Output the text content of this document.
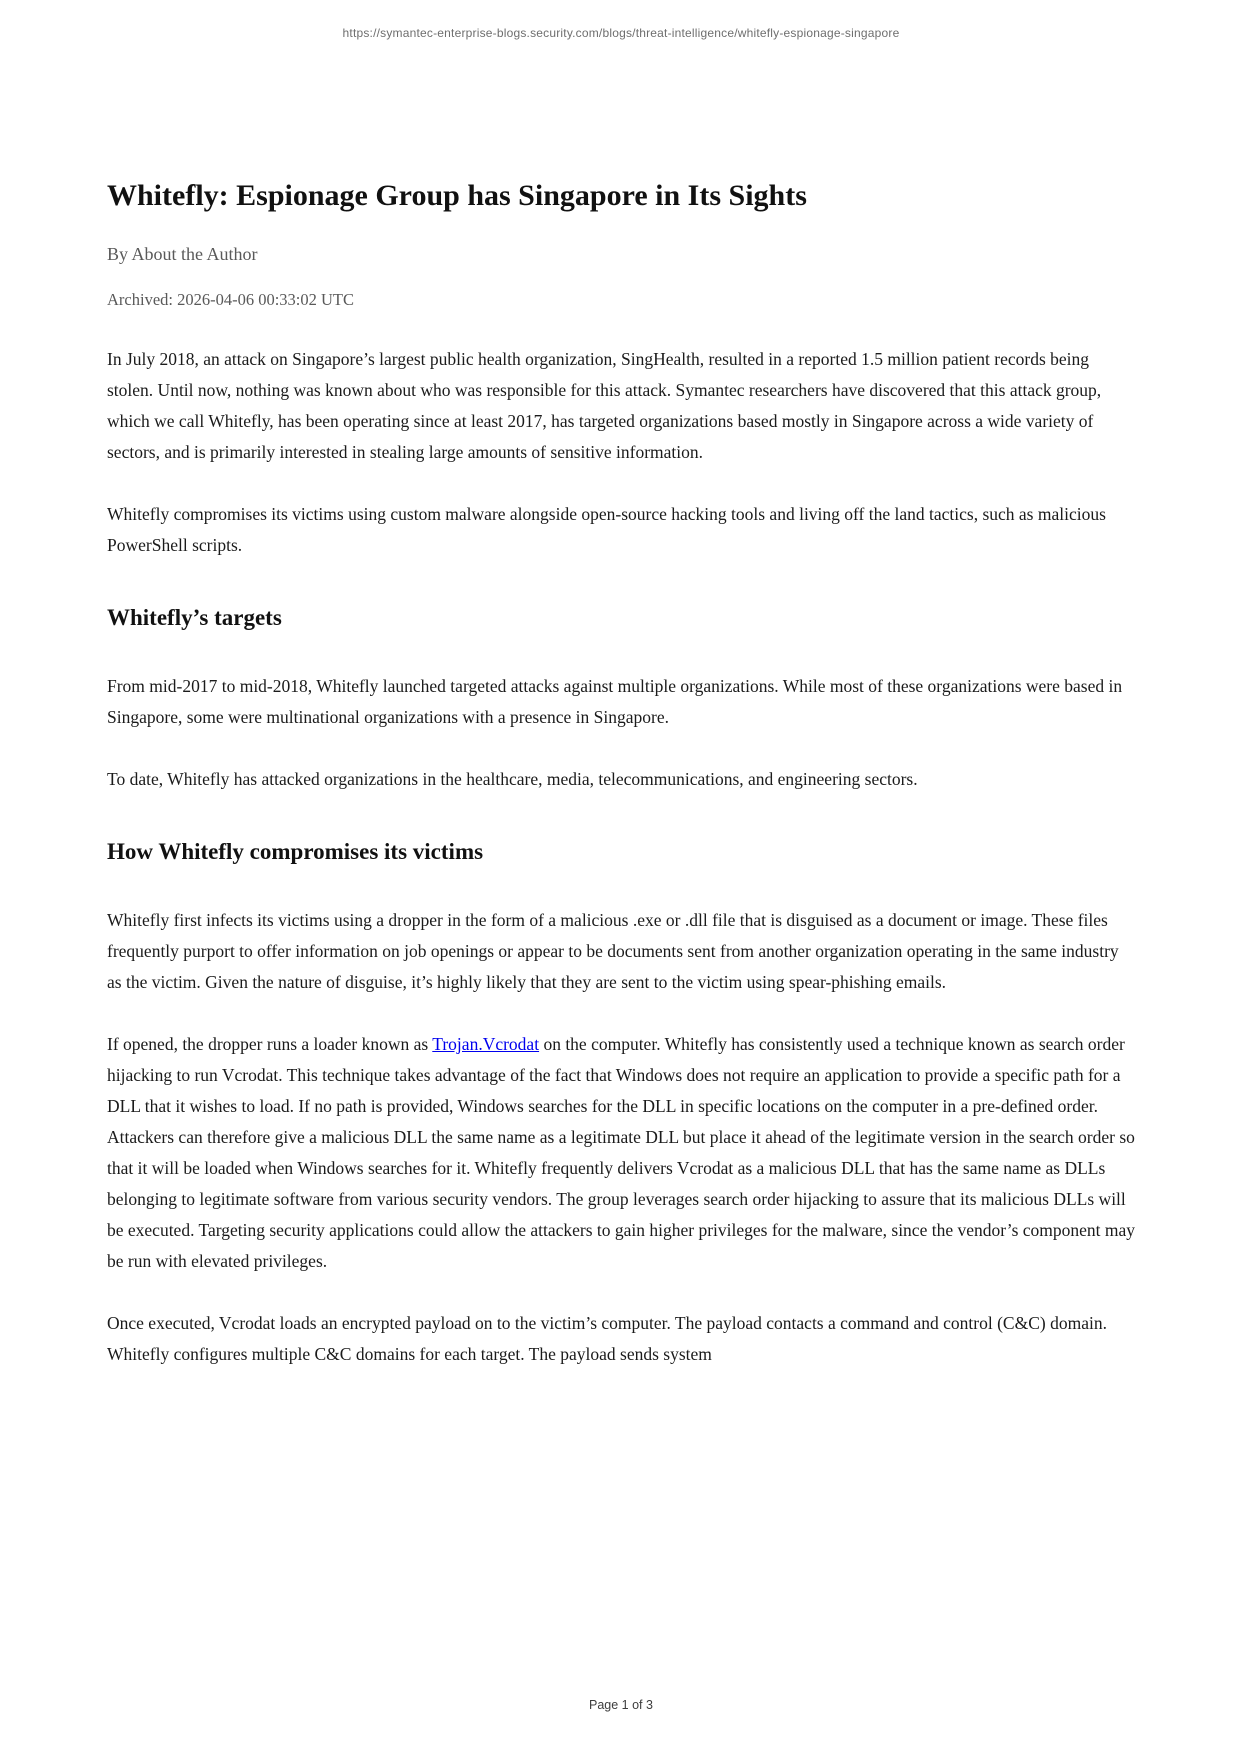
https://symantec-enterprise-blogs.security.com/blogs/threat-intelligence/whitefly-espionage-singapore
Whitefly: Espionage Group has Singapore in Its Sights

By About the Author

Archived: 2026-04-06 00:33:02 UTC

In July 2018, an attack on Singapore’s largest public health organization, SingHealth, resulted in a reported 1.5 million patient records being stolen. Until now, nothing was known about who was responsible for this attack. Symantec researchers have discovered that this attack group, which we call Whitefly, has been operating since at least 2017, has targeted organizations based mostly in Singapore across a wide variety of sectors, and is primarily interested in stealing large amounts of sensitive information.

Whitefly compromises its victims using custom malware alongside open-source hacking tools and living off the land tactics, such as malicious PowerShell scripts.

Whitefly’s targets

From mid-2017 to mid-2018, Whitefly launched targeted attacks against multiple organizations. While most of these organizations were based in Singapore, some were multinational organizations with a presence in Singapore.

To date, Whitefly has attacked organizations in the healthcare, media, telecommunications, and engineering sectors.

How Whitefly compromises its victims

Whitefly first infects its victims using a dropper in the form of a malicious .exe or .dll file that is disguised as a document or image. These files frequently purport to offer information on job openings or appear to be documents sent from another organization operating in the same industry as the victim. Given the nature of disguise, it’s highly likely that they are sent to the victim using spear-phishing emails.

If opened, the dropper runs a loader known as Trojan.Vcrodat on the computer. Whitefly has consistently used a technique known as search order hijacking to run Vcrodat. This technique takes advantage of the fact that Windows does not require an application to provide a specific path for a DLL that it wishes to load. If no path is provided, Windows searches for the DLL in specific locations on the computer in a pre-defined order. Attackers can therefore give a malicious DLL the same name as a legitimate DLL but place it ahead of the legitimate version in the search order so that it will be loaded when Windows searches for it. Whitefly frequently delivers Vcrodat as a malicious DLL that has the same name as DLLs belonging to legitimate software from various security vendors. The group leverages search order hijacking to assure that its malicious DLLs will be executed. Targeting security applications could allow the attackers to gain higher privileges for the malware, since the vendor’s component may be run with elevated privileges.

Once executed, Vcrodat loads an encrypted payload on to the victim’s computer. The payload contacts a command and control (C&C) domain. Whitefly configures multiple C&C domains for each target. The payload sends system

Page 1 of 3
